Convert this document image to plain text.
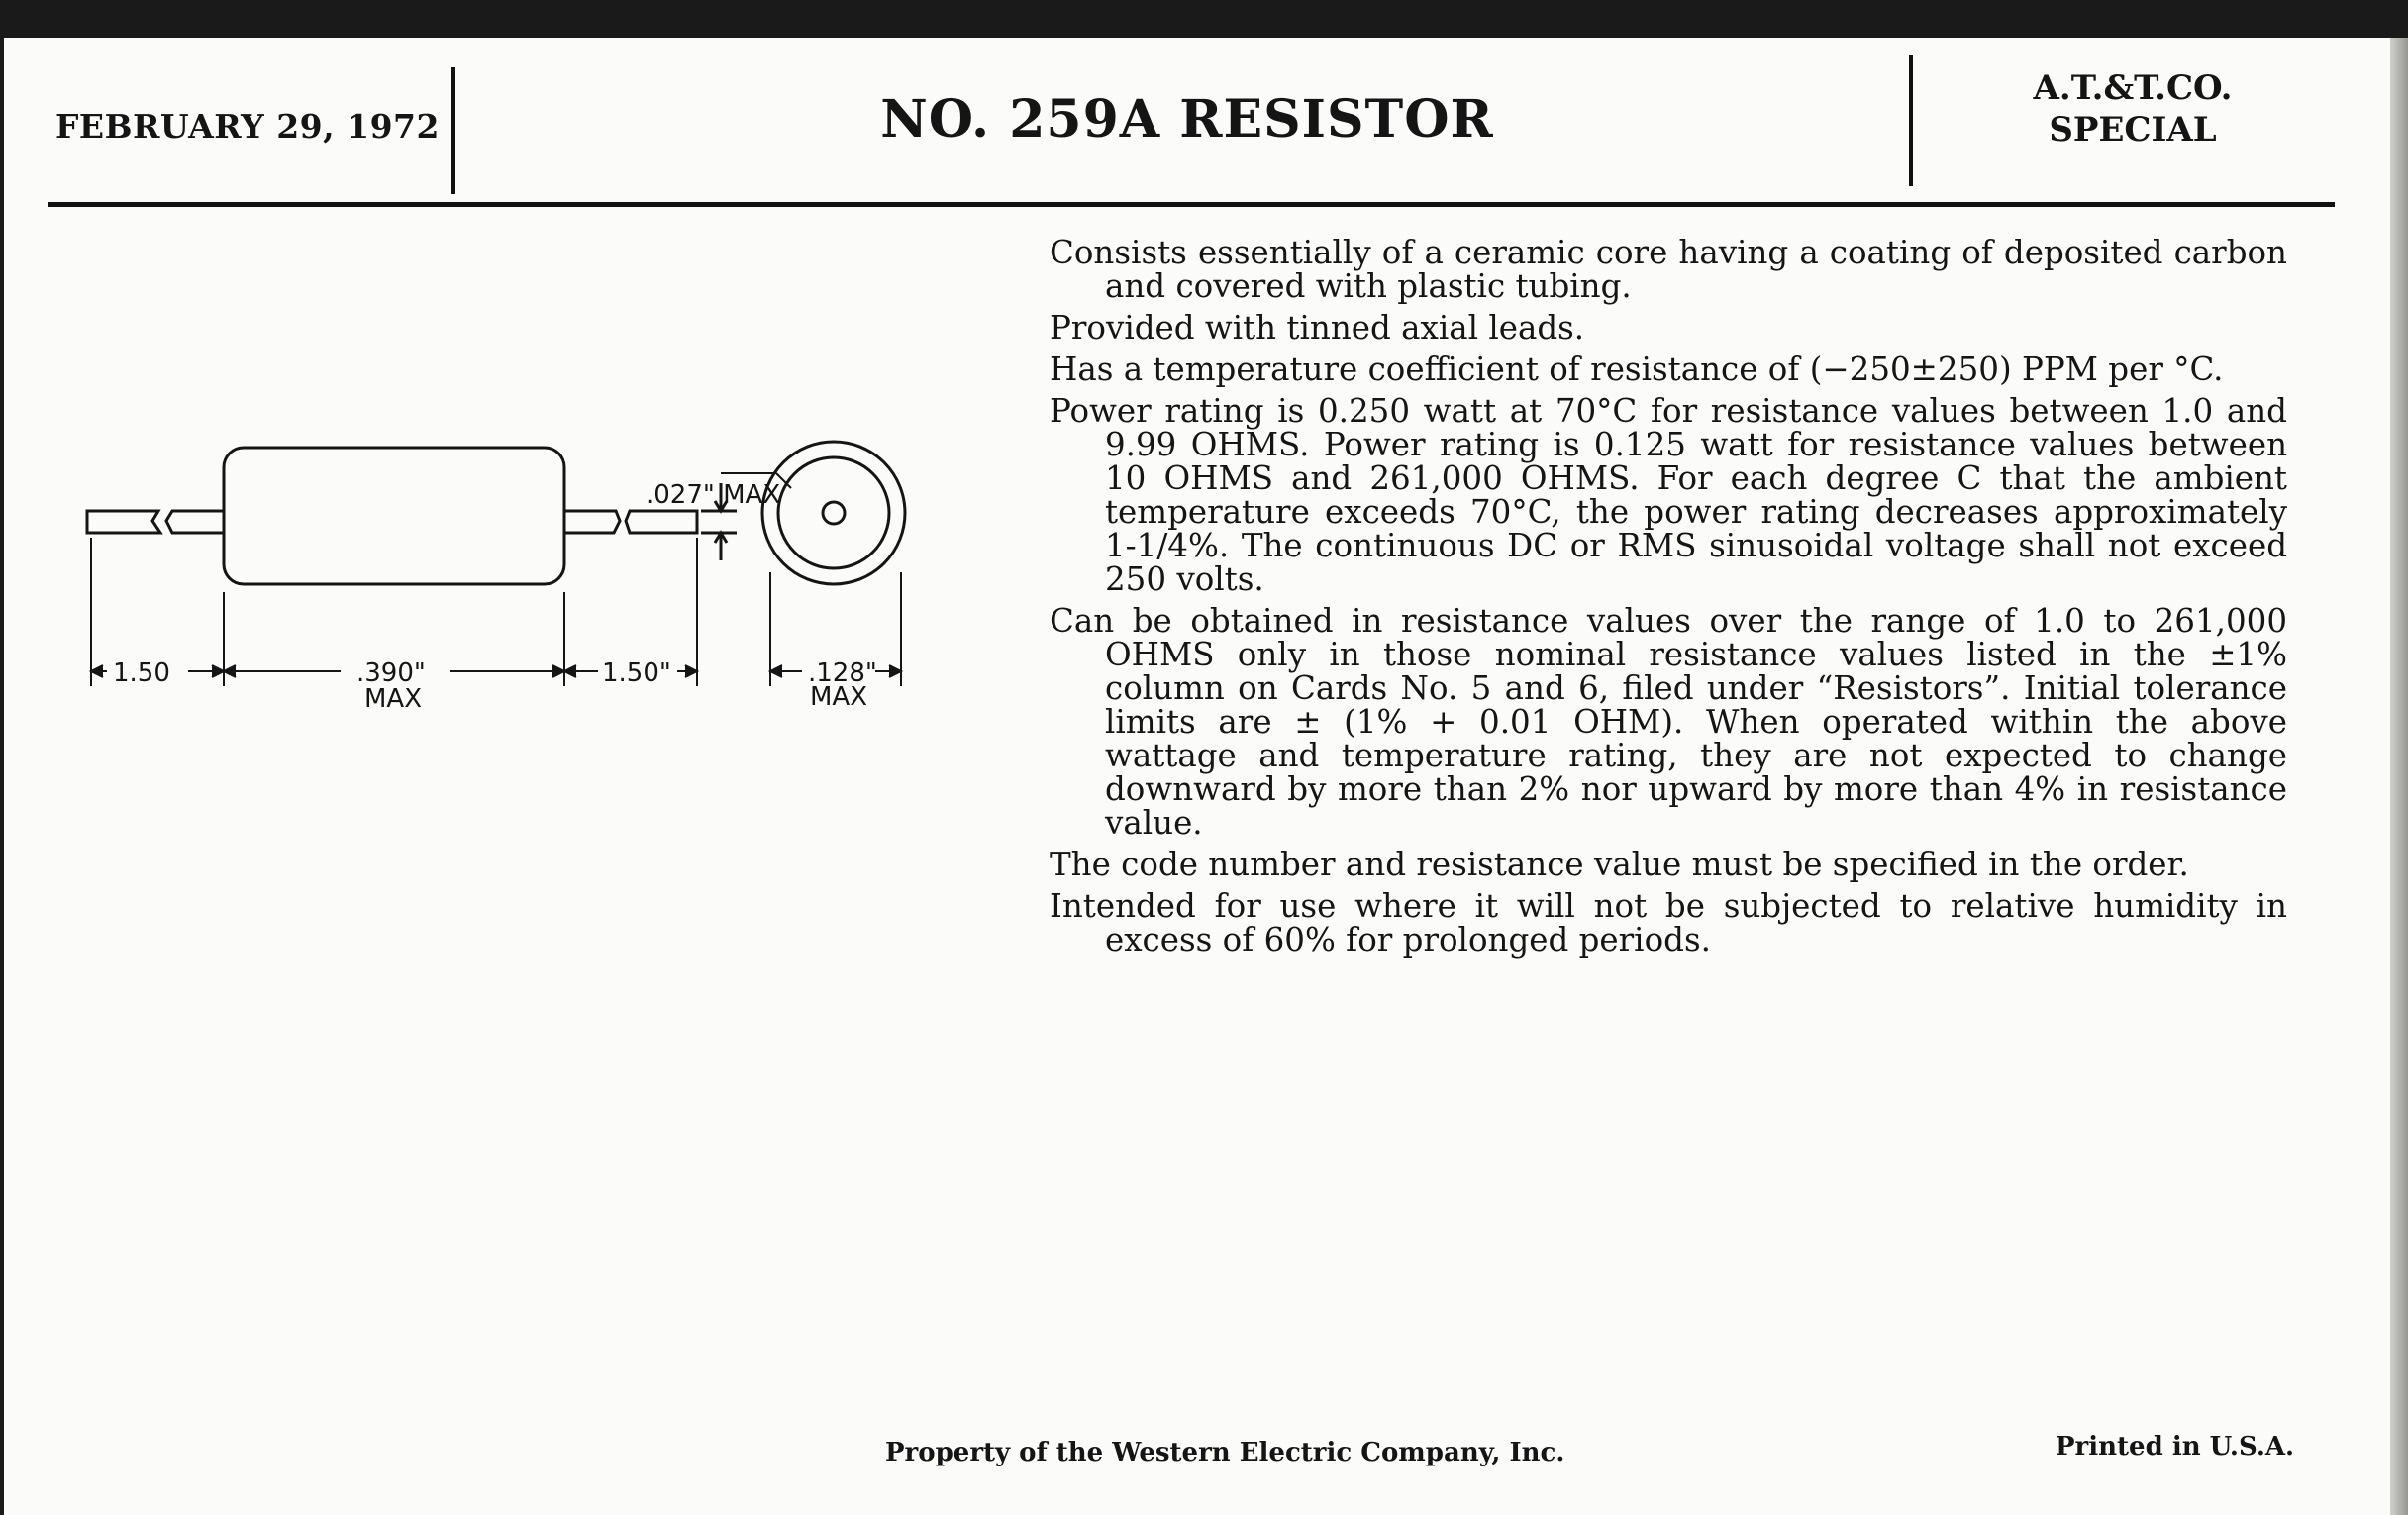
FEBRUARY 29, 1972	NO. 259A RESISTOR
A.T.&T.CO.
SPECIAL
.027" MAX
1.50	.390"
MAX
1.50"	.128"
MAX

Consists essentially of a ceramic core having a coating of deposited carbon and covered with plastic tubing.

Provided with tinned axial leads.

Has a temperature coefficient of resistance of (−250±250) PPM per °C.

Power rating is 0.250 watt at 70°C for resistance values between 1.0 and 9.99 OHMS. Power rating is 0.125 watt for resistance values between 10 OHMS and 261,000 OHMS. For each degree C that the ambient temperature exceeds 70°C, the power rating decreases approximately 1-1/4%. The continuous DC or RMS sinusoidal voltage shall not exceed 250 volts.

Can be obtained in resistance values over the range of 1.0 to 261,000 OHMS only in those nominal resistance values listed in the ±1% column on Cards No. 5 and 6, filed under “Resistors”. Initial tolerance limits are ± (1% + 0.01 OHM). When operated within the above wattage and temperature rating, they are not expected to change downward by more than 2% nor upward by more than 4% in resistance value.

The code number and resistance value must be specified in the order.

Intended for use where it will not be subjected to relative humidity in excess of 60% for prolonged periods.

Property of the Western Electric Company, Inc.	Printed in U.S.A.
